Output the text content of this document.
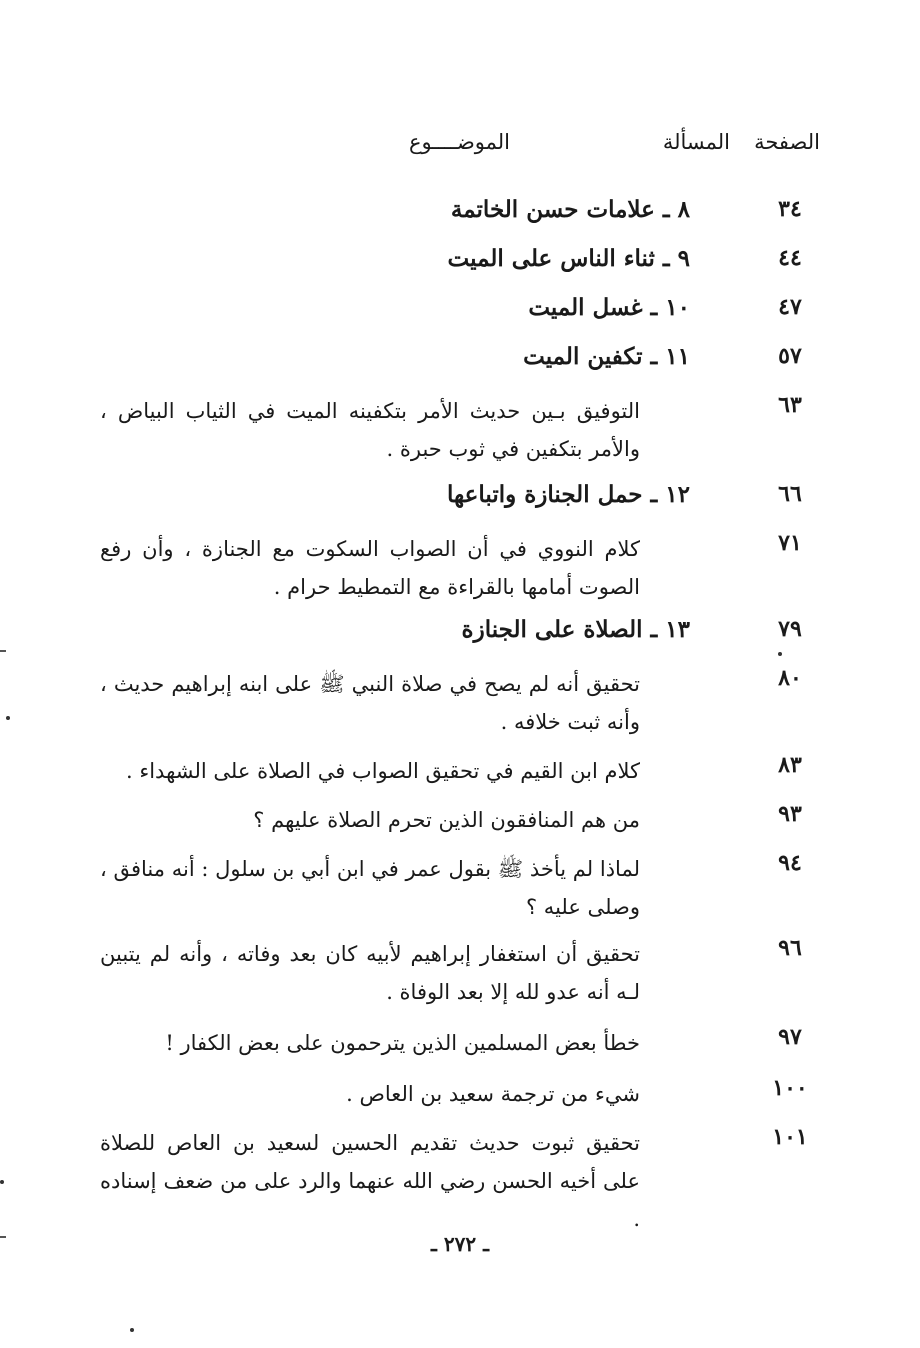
الصفحة
المسألة
الموضــــوع
٣٤
٨ ـ علامات حسن الخاتمة
٤٤
٩ ـ ثناء الناس على الميت
٤٧
١٠ ـ غسل الميت
٥٧
١١ ـ تكفين الميت
٦٣
التوفيق بـين حديث الأمر بتكفينه الميت في الثياب البياض ، والأمر بتكفين في ثوب حبرة .
٦٦
١٢ ـ حمل الجنازة واتباعها
٧١
كلام النووي في أن الصواب السكوت مع الجنازة ، وأن رفع الصوت أمامها بالقراءة مع التمطيط حرام .
٧٩
١٣ ـ الصلاة على الجنازة
٨٠
تحقيق أنه لم يصح في صلاة النبي ﷺ على ابنه إبراهيم حديث ، وأنه ثبت خلافه .
٨٣
كلام ابن القيم في تحقيق الصواب في الصلاة على الشهداء .
٩٣
من هم المنافقون الذين تحرم الصلاة عليهم ؟
٩٤
لماذا لم يأخذ ﷺ بقول عمر في ابن أبي بن سلول : أنه منافق ، وصلى عليه ؟
٩٦
تحقيق أن استغفار إبراهيم لأبيه كان بعد وفاته ، وأنه لم يتبين لـه أنه عدو لله إلا بعد الوفاة .
٩٧
خطأ بعض المسلمين الذين يترحمون على بعض الكفار !
١٠٠
شيء من ترجمة سعيد بن العاص .
١٠١
تحقيق ثبوت حديث تقديم الحسين لسعيد بن العاص للصلاة على أخيه الحسن رضي الله عنهما والرد على من ضعف إسناده .
ـ ٢٧٢ ـ
